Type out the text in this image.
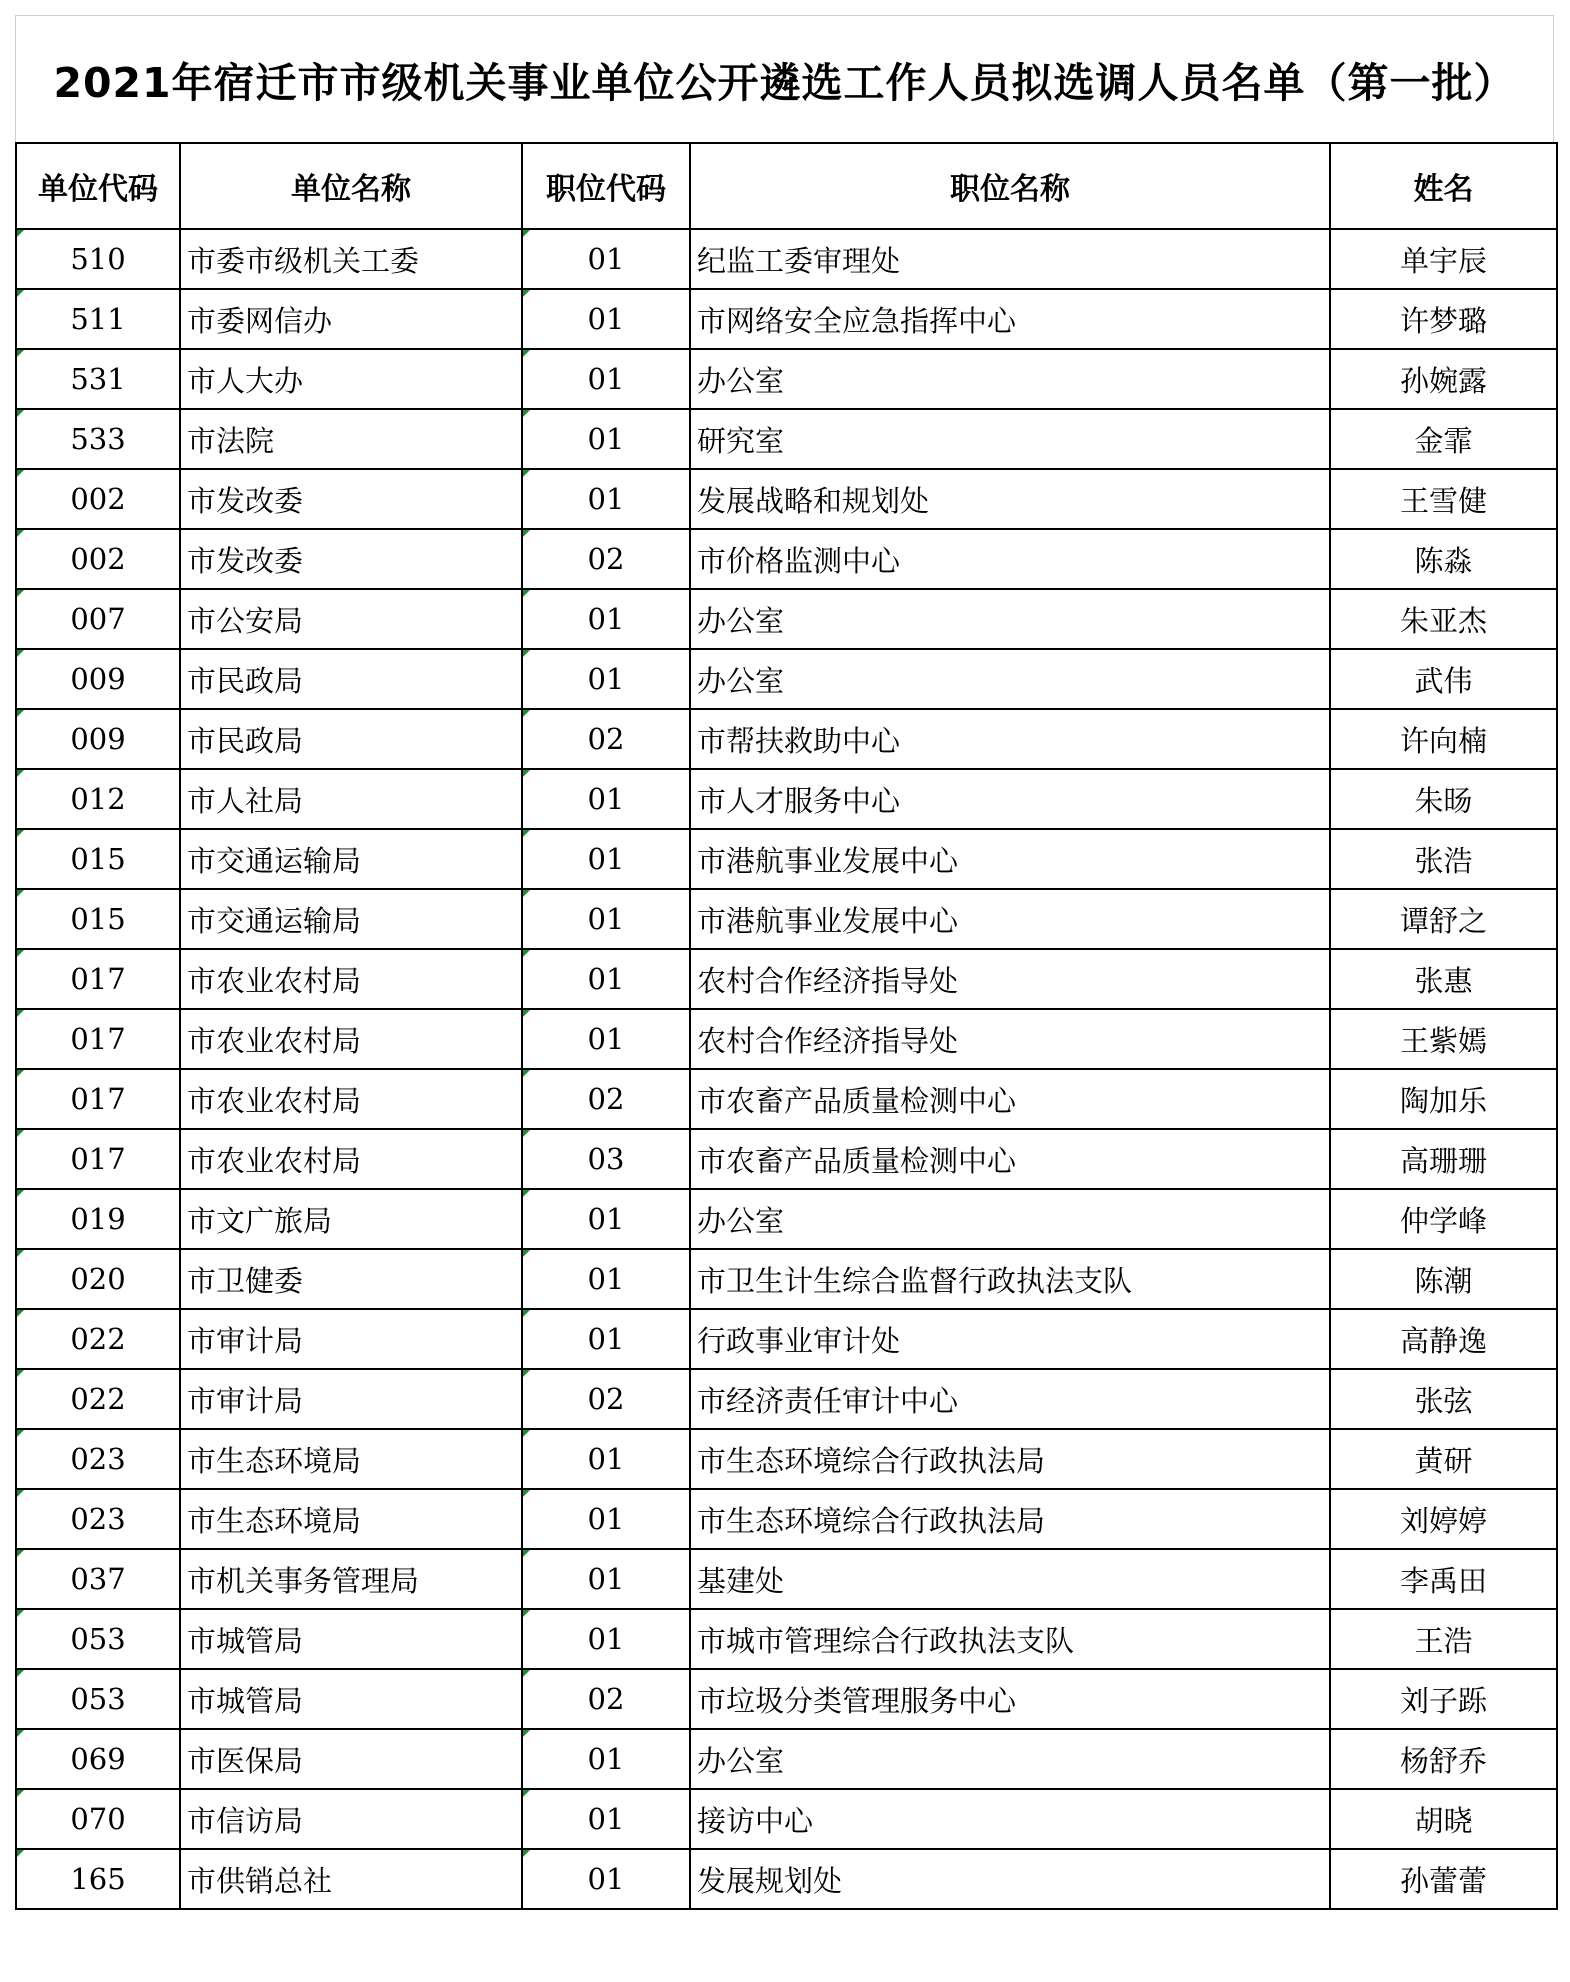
2021年宿迁市市级机关事业单位公开遴选工作人员拟选调人员名单（第一批）
单位代码	单位名称	职位代码	职位名称	姓名
510	市委市级机关工委	01	纪监工委审理处	单宇辰
511	市委网信办	01	市网络安全应急指挥中心	许梦璐
531	市人大办	01	办公室	孙婉露
533	市法院	01	研究室	金霏
002	市发改委	01	发展战略和规划处	王雪健
002	市发改委	02	市价格监测中心	陈淼
007	市公安局	01	办公室	朱亚杰
009	市民政局	01	办公室	武伟
009	市民政局	02	市帮扶救助中心	许向楠
012	市人社局	01	市人才服务中心	朱旸
015	市交通运输局	01	市港航事业发展中心	张浩
015	市交通运输局	01	市港航事业发展中心	谭舒之
017	市农业农村局	01	农村合作经济指导处	张惠
017	市农业农村局	01	农村合作经济指导处	王紫嫣
017	市农业农村局	02	市农畜产品质量检测中心	陶加乐
017	市农业农村局	03	市农畜产品质量检测中心	高珊珊
019	市文广旅局	01	办公室	仲学峰
020	市卫健委	01	市卫生计生综合监督行政执法支队	陈潮
022	市审计局	01	行政事业审计处	高静逸
022	市审计局	02	市经济责任审计中心	张弦
023	市生态环境局	01	市生态环境综合行政执法局	黄研
023	市生态环境局	01	市生态环境综合行政执法局	刘婷婷
037	市机关事务管理局	01	基建处	李禹田
053	市城管局	01	市城市管理综合行政执法支队	王浩
053	市城管局	02	市垃圾分类管理服务中心	刘子跞
069	市医保局	01	办公室	杨舒乔
070	市信访局	01	接访中心	胡晓
165	市供销总社	01	发展规划处	孙蕾蕾
